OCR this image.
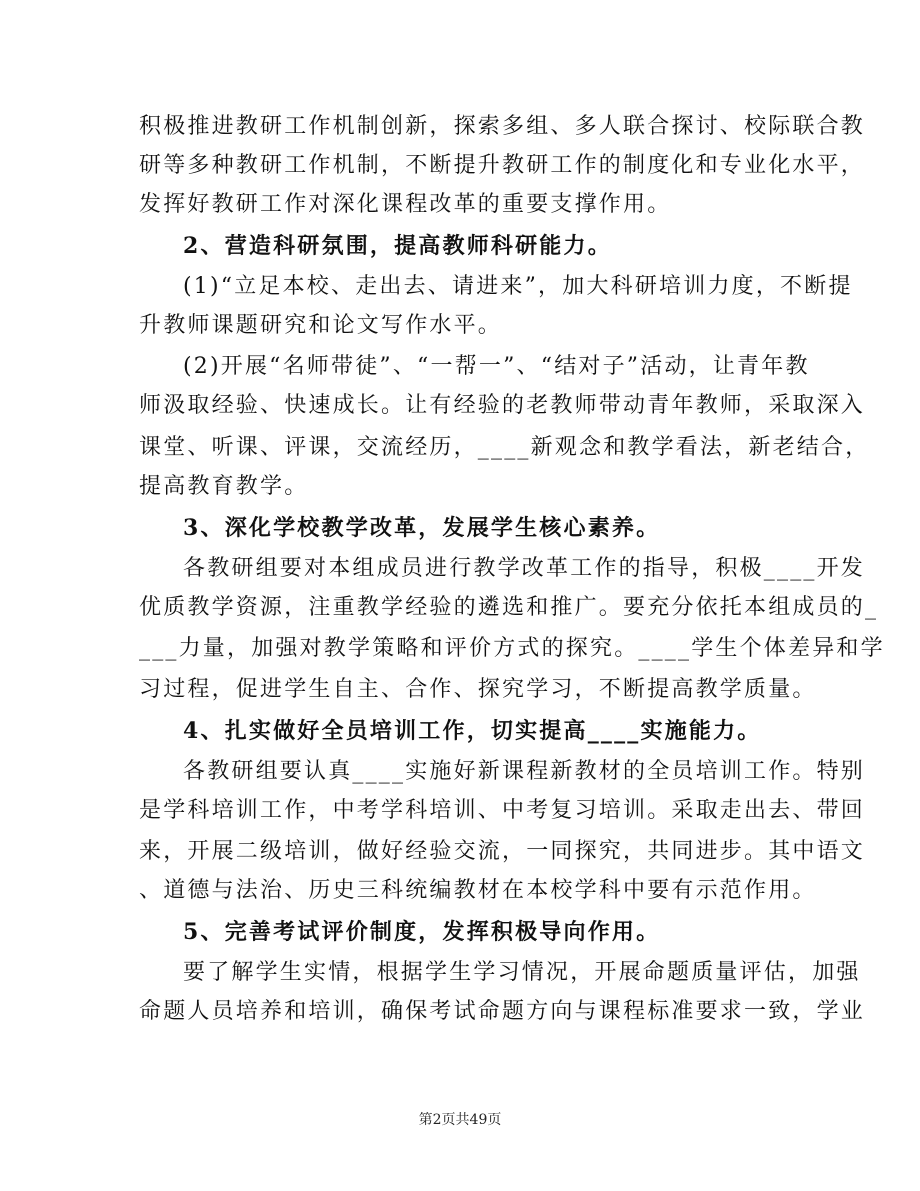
积极推进教研工作机制创新，探索多组、多人联合探讨、校际联合教
研等多种教研工作机制，不断提升教研工作的制度化和专业化水平，
发挥好教研工作对深化课程改革的重要支撑作用。
2、营造科研氛围，提高教师科研能力。
(1)“立足本校、走出去、请进来”，加大科研培训力度，不断提
升教师课题研究和论文写作水平。
(2)开展“名师带徒”、“一帮一”、“结对子”活动，让青年教
师汲取经验、快速成长。让有经验的老教师带动青年教师，采取深入
课堂、听课、评课，交流经历，____新观念和教学看法，新老结合，
提高教育教学。
3、深化学校教学改革，发展学生核心素养。
各教研组要对本组成员进行教学改革工作的指导，积极____开发
优质教学资源，注重教学经验的遴选和推广。要充分依托本组成员的_
___力量，加强对教学策略和评价方式的探究。____学生个体差异和学
习过程，促进学生自主、合作、探究学习，不断提高教学质量。
4、扎实做好全员培训工作，切实提高____实施能力。
各教研组要认真____实施好新课程新教材的全员培训工作。特别
是学科培训工作，中考学科培训、中考复习培训。采取走出去、带回
来，开展二级培训，做好经验交流，一同探究，共同进步。其中语文
、道德与法治、历史三科统编教材在本校学科中要有示范作用。
5、完善考试评价制度，发挥积极导向作用。
要了解学生实情，根据学生学习情况，开展命题质量评估，加强
命题人员培养和培训，确保考试命题方向与课程标准要求一致，学业
第2页共49页
